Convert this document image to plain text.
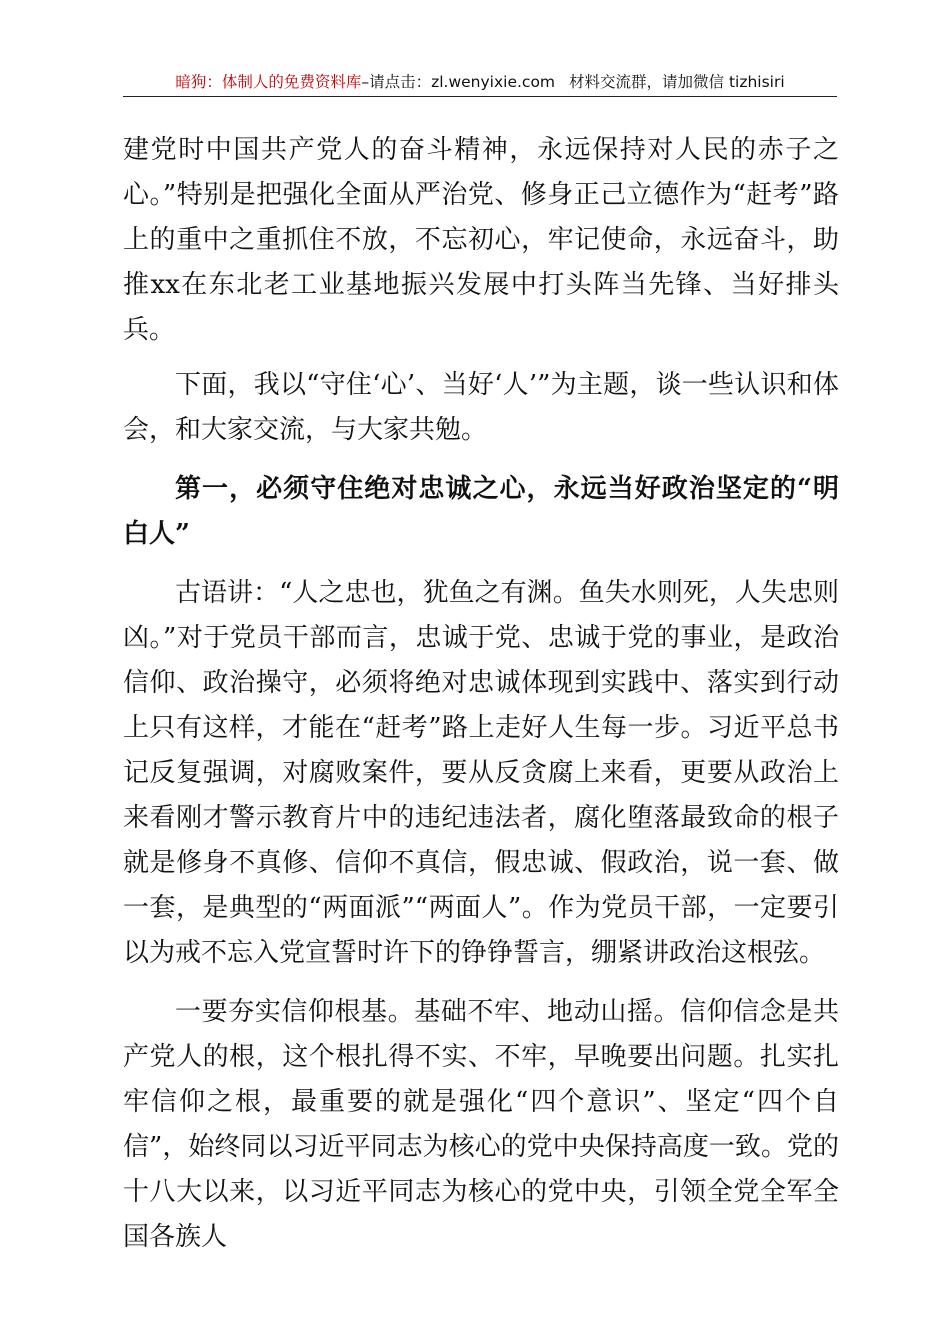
暗狗：体制人的免费资料库 –请点击：zl.wenyixie.com 材料交流群，请加微信 tizhisiri

建党时中国共产党人的奋斗精神，永远保持对人民的赤子之心。”特别是把强化全面从严治党、修身正己立德作为“赶考”路上的重中之重抓住不放，不忘初心，牢记使命，永远奋斗，助推xx在东北老工业基地振兴发展中打头阵当先锋、当好排头兵。

下面，我以“守住‘心’、当好‘人’”为主题，谈一些认识和体会，和大家交流，与大家共勉。

第一，必须守住绝对忠诚之心，永远当好政治坚定的“明白人”

古语讲：“人之忠也，犹鱼之有渊。鱼失水则死，人失忠则凶。”对于党员干部而言，忠诚于党、忠诚于党的事业，是政治信仰、政治操守，必须将绝对忠诚体现到实践中、落实到行动上只有这样，才能在“赶考”路上走好人生每一步。习近平总书记反复强调，对腐败案件，要从反贪腐上来看，更要从政治上来看刚才警示教育片中的违纪违法者，腐化堕落最致命的根子就是修身不真修、信仰不真信，假忠诚、假政治，说一套、做一套，是典型的“两面派”“两面人”。作为党员干部，一定要引以为戒不忘入党宣誓时许下的铮铮誓言，绷紧讲政治这根弦。

一要夯实信仰根基。基础不牢、地动山摇。信仰信念是共产党人的根，这个根扎得不实、不牢，早晚要出问题。扎实扎牢信仰之根，最重要的就是强化“四个意识”、坚定“四个自信”，始终同以习近平同志为核心的党中央保持高度一致。党的十八大以来，以习近平同志为核心的党中央，引领全党全军全国各族人
